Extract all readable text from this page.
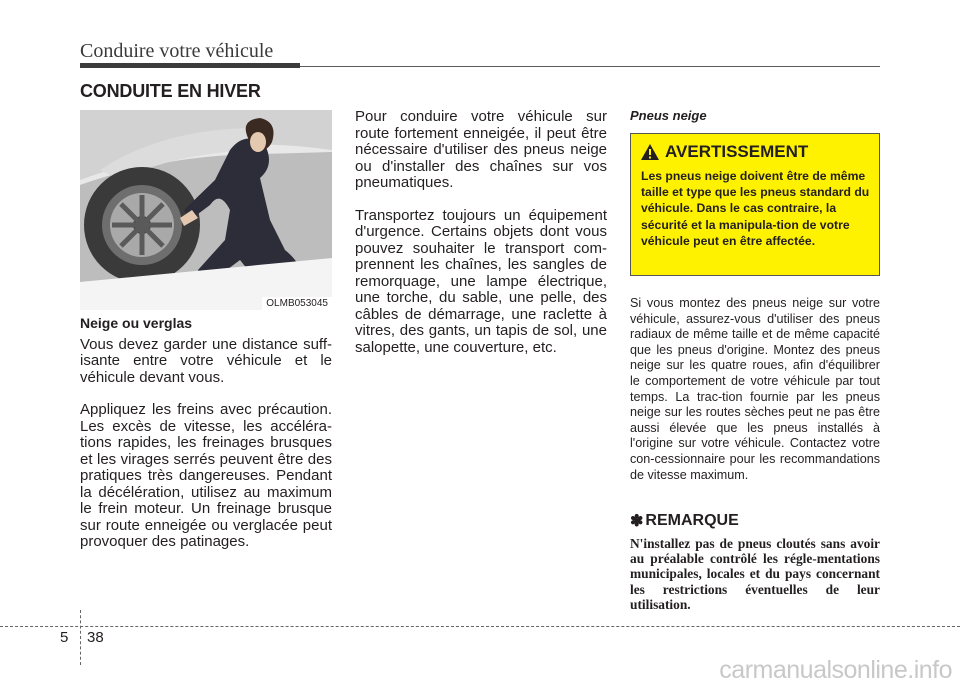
Conduire votre véhicule
CONDUITE EN HIVER
OLMB053045

Neige ou verglas

Vous devez garder une distance suff-isante entre votre véhicule et le véhicule devant vous.

Appliquez les freins avec précaution. Les excès de vitesse, les accéléra-tions rapides, les freinages brusques et les virages serrés peuvent être des pratiques très dangereuses. Pendant la décélération, utilisez au maximum le frein moteur. Un freinage brusque sur route enneigée ou verglacée peut provoquer des patinages.

Pour conduire votre véhicule sur route fortement enneigée, il peut être nécessaire d'utiliser des pneus neige ou d'installer des chaînes sur vos pneumatiques.

Transportez toujours un équipement d'urgence. Certains objets dont vous pouvez souhaiter le transport com-prennent les chaînes, les sangles de remorquage, une lampe électrique, une torche, du sable, une pelle, des câbles de démarrage, une raclette à vitres, des gants, un tapis de sol, une salopette, une couverture, etc.

Pneus neige

AVERTISSEMENT
Les pneus neige doivent être de même taille et type que les pneus standard du véhicule. Dans le cas contraire, la sécurité et la manipula-tion de votre véhicule peut en être affectée.

Si vous montez des pneus neige sur votre véhicule, assurez-vous d'utiliser des pneus radiaux de même taille et de même capacité que les pneus d'origine. Montez des pneus neige sur les quatre roues, afin d'équilibrer le comportement de votre véhicule par tout temps. La trac-tion fournie par les pneus neige sur les routes sèches peut ne pas être aussi élevée que les pneus installés à l'origine sur votre véhicule. Contactez votre con-cessionnaire pour les recommandations de vitesse maximum.

✽ REMARQUE

N'installez pas de pneus cloutés sans avoir au préalable contrôlé les régle-mentations municipales, locales et du pays concernant les restrictions éventuelles de leur utilisation.

5 38
carmanualsonline.info
